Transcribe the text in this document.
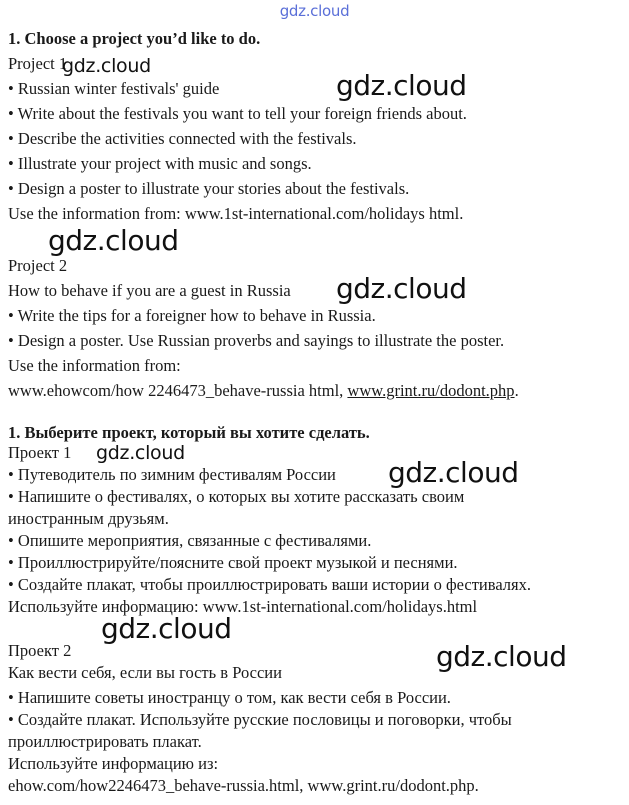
gdz.cloud
1. Choose a project you’d like to do.
Project 1
• Russian winter festivals' guide
• Write about the festivals you want to tell your foreign friends about.
• Describe the activities connected with the festivals.
• Illustrate your project with music and songs.
• Design a poster to illustrate your stories about the festivals.
Use the information from: www.1st-international.com/holidays html.
Project 2
How to behave if you are a guest in Russia
• Write the tips for a foreigner how to behave in Russia.
• Design a poster. Use Russian proverbs and sayings to illustrate the poster.
Use the information from:
www.ehowcom/how 2246473_behave-russia html, www.grint.ru/dodont.php.
1. Выберите проект, который вы хотите сделать.
Проект 1
• Путеводитель по зимним фестивалям России
• Напишите о фестивалях, о которых вы хотите рассказать своим
иностранным друзьям.
• Опишите мероприятия, связанные с фестивалями.
• Проиллюстрируйте/поясните свой проект музыкой и песнями.
• Создайте плакат, чтобы проиллюстрировать ваши истории о фестивалях.
Используйте информацию: www.1st-international.com/holidays.html
Проект 2
Как вести себя, если вы гость в России
• Напишите советы иностранцу о том, как вести себя в России.
• Создайте плакат. Используйте русские пословицы и поговорки, чтобы
проиллюстрировать плакат.
Используйте информацию из:
ehow.com/how2246473_behave-russia.html, www.grint.ru/dodont.php.
gdz.cloud
gdz.cloud
gdz.cloud
gdz.cloud
gdz.cloud
gdz.cloud
gdz.cloud
gdz.cloud
